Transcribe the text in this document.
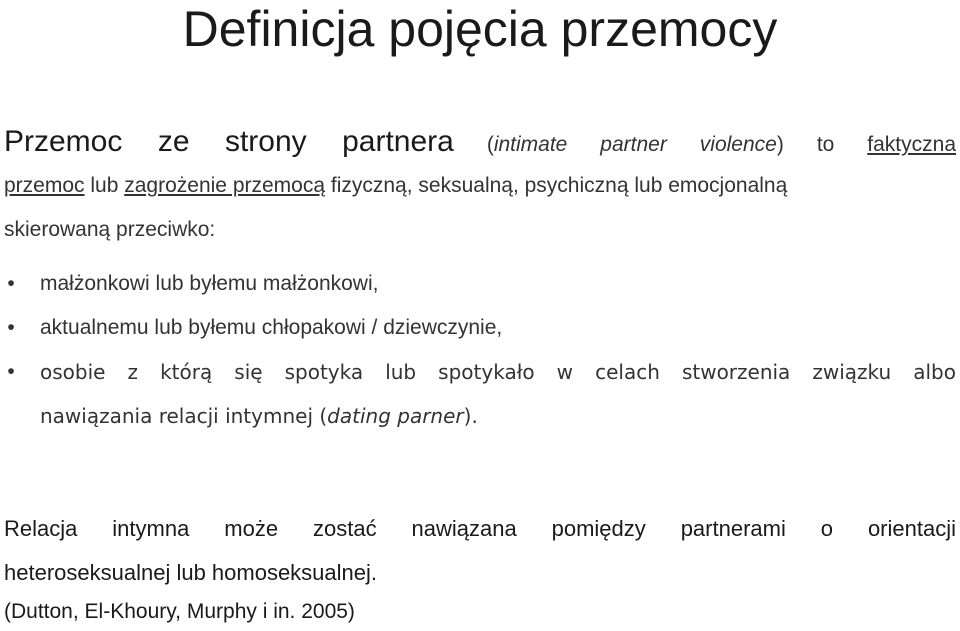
Definicja pojęcia przemocy
Przemoc ze strony partnera (intimate partner violence) to faktyczna
przemoc lub zagrożenie przemocą fizyczną, seksualną, psychiczną lub emocjonalną
skierowaną przeciwko:
• małżonkowi lub byłemu małżonkowi,
• aktualnemu lub byłemu chłopakowi / dziewczynie,
• osobie z którą się spotyka lub spotykało w celach stworzenia związku albo
nawiązania relacji intymnej (dating parner).
Relacja intymna może zostać nawiązana pomiędzy partnerami o orientacji
heteroseksualnej lub homoseksualnej.
(Dutton, El-Khoury, Murphy i in. 2005)
